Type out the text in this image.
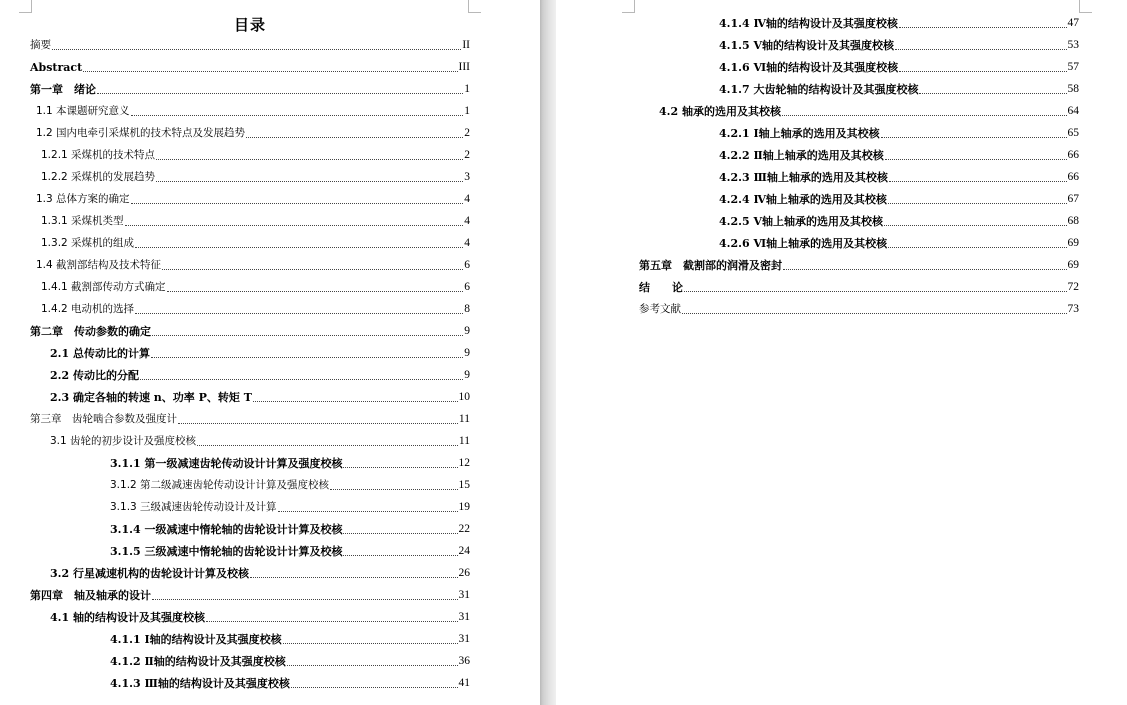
目录
摘要	II
Abstract	III
第一章　绪论	1
1.1 本课题研究意义	1
1.2 国内电牵引采煤机的技术特点及发展趋势	2
1.2.1 采煤机的技术特点	2
1.2.2 采煤机的发展趋势	3
1.3 总体方案的确定	4
1.3.1 采煤机类型	4
1.3.2 采煤机的组成	4
1.4 截割部结构及技术特征	6
1.4.1 截割部传动方式确定	6
1.4.2 电动机的选择	8
第二章　传动参数的确定	9
2.1 总传动比的计算	9
2.2 传动比的分配	9
2.3 确定各轴的转速 n、功率 P、转矩 T	10
第三章　齿轮啮合参数及强度计	11
3.1 齿轮的初步设计及强度校核	11
3.1.1 第一级减速齿轮传动设计计算及强度校核	12
3.1.2 第二级减速齿轮传动设计计算及强度校核	15
3.1.3 三级减速齿轮传动设计及计算	19
3.1.4 一级减速中惰轮轴的齿轮设计计算及校核	22
3.1.5 三级减速中惰轮轴的齿轮设计计算及校核	24
3.2 行星减速机构的齿轮设计计算及校核	26
第四章　轴及轴承的设计	31
4.1 轴的结构设计及其强度校核	31
4.1.1 Ⅰ轴的结构设计及其强度校核	31
4.1.2 Ⅱ轴的结构设计及其强度校核	36
4.1.3 Ⅲ轴的结构设计及其强度校核	41
4.1.4 Ⅳ轴的结构设计及其强度校核	47
4.1.5 Ⅴ轴的结构设计及其强度校核	53
4.1.6 Ⅵ轴的结构设计及其强度校核	57
4.1.7 大齿轮轴的结构设计及其强度校核	58
4.2 轴承的选用及其校核	64
4.2.1 Ⅰ轴上轴承的选用及其校核	65
4.2.2 Ⅱ轴上轴承的选用及其校核	66
4.2.3 Ⅲ轴上轴承的选用及其校核	66
4.2.4 Ⅳ轴上轴承的选用及其校核	67
4.2.5 Ⅴ轴上轴承的选用及其校核	68
4.2.6 Ⅵ轴上轴承的选用及其校核	69
第五章　截割部的润滑及密封	69
结　　论	72
参考文献	73
